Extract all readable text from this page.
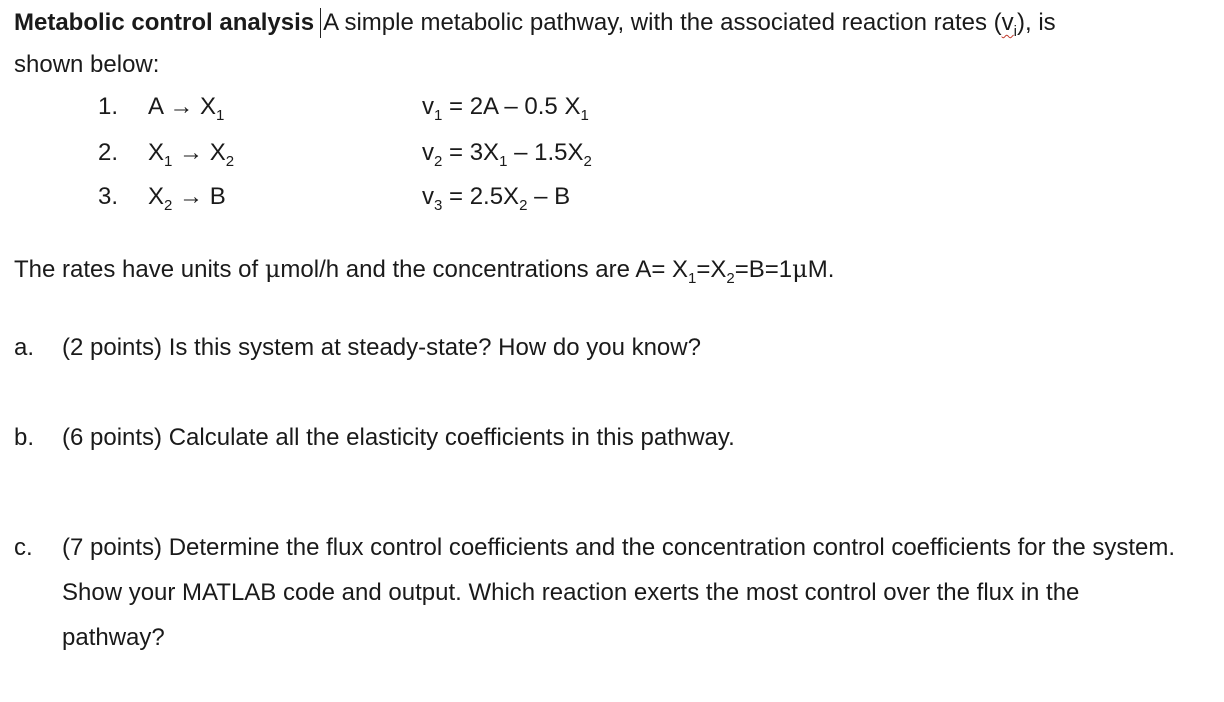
Metabolic control analysis A simple metabolic pathway, with the associated reaction rates $(v_i)$, is
shown below:
1. $A \to X_1$	$v_1 = 2A - 0.5$ $X_1$
2. $X_1 \to X_2$	$v_2 = 3X_1 - 1.5X_2$
3. $X_2 \to B$	$v_3 = 2.5X_2 - B$
The rates have units of μmol/h and the concentrations are $A= X_1=X_2=B=1\mu M$.
a. (2 points) Is this system at steady-state? How do you know?
b. (6 points) Calculate all the elasticity coefficients in this pathway.
c. (7 points) Determine the flux control coefficients and the concentration control coefficients for the system. Show your MATLAB code and output. Which reaction exerts the most control over the flux in the pathway?
